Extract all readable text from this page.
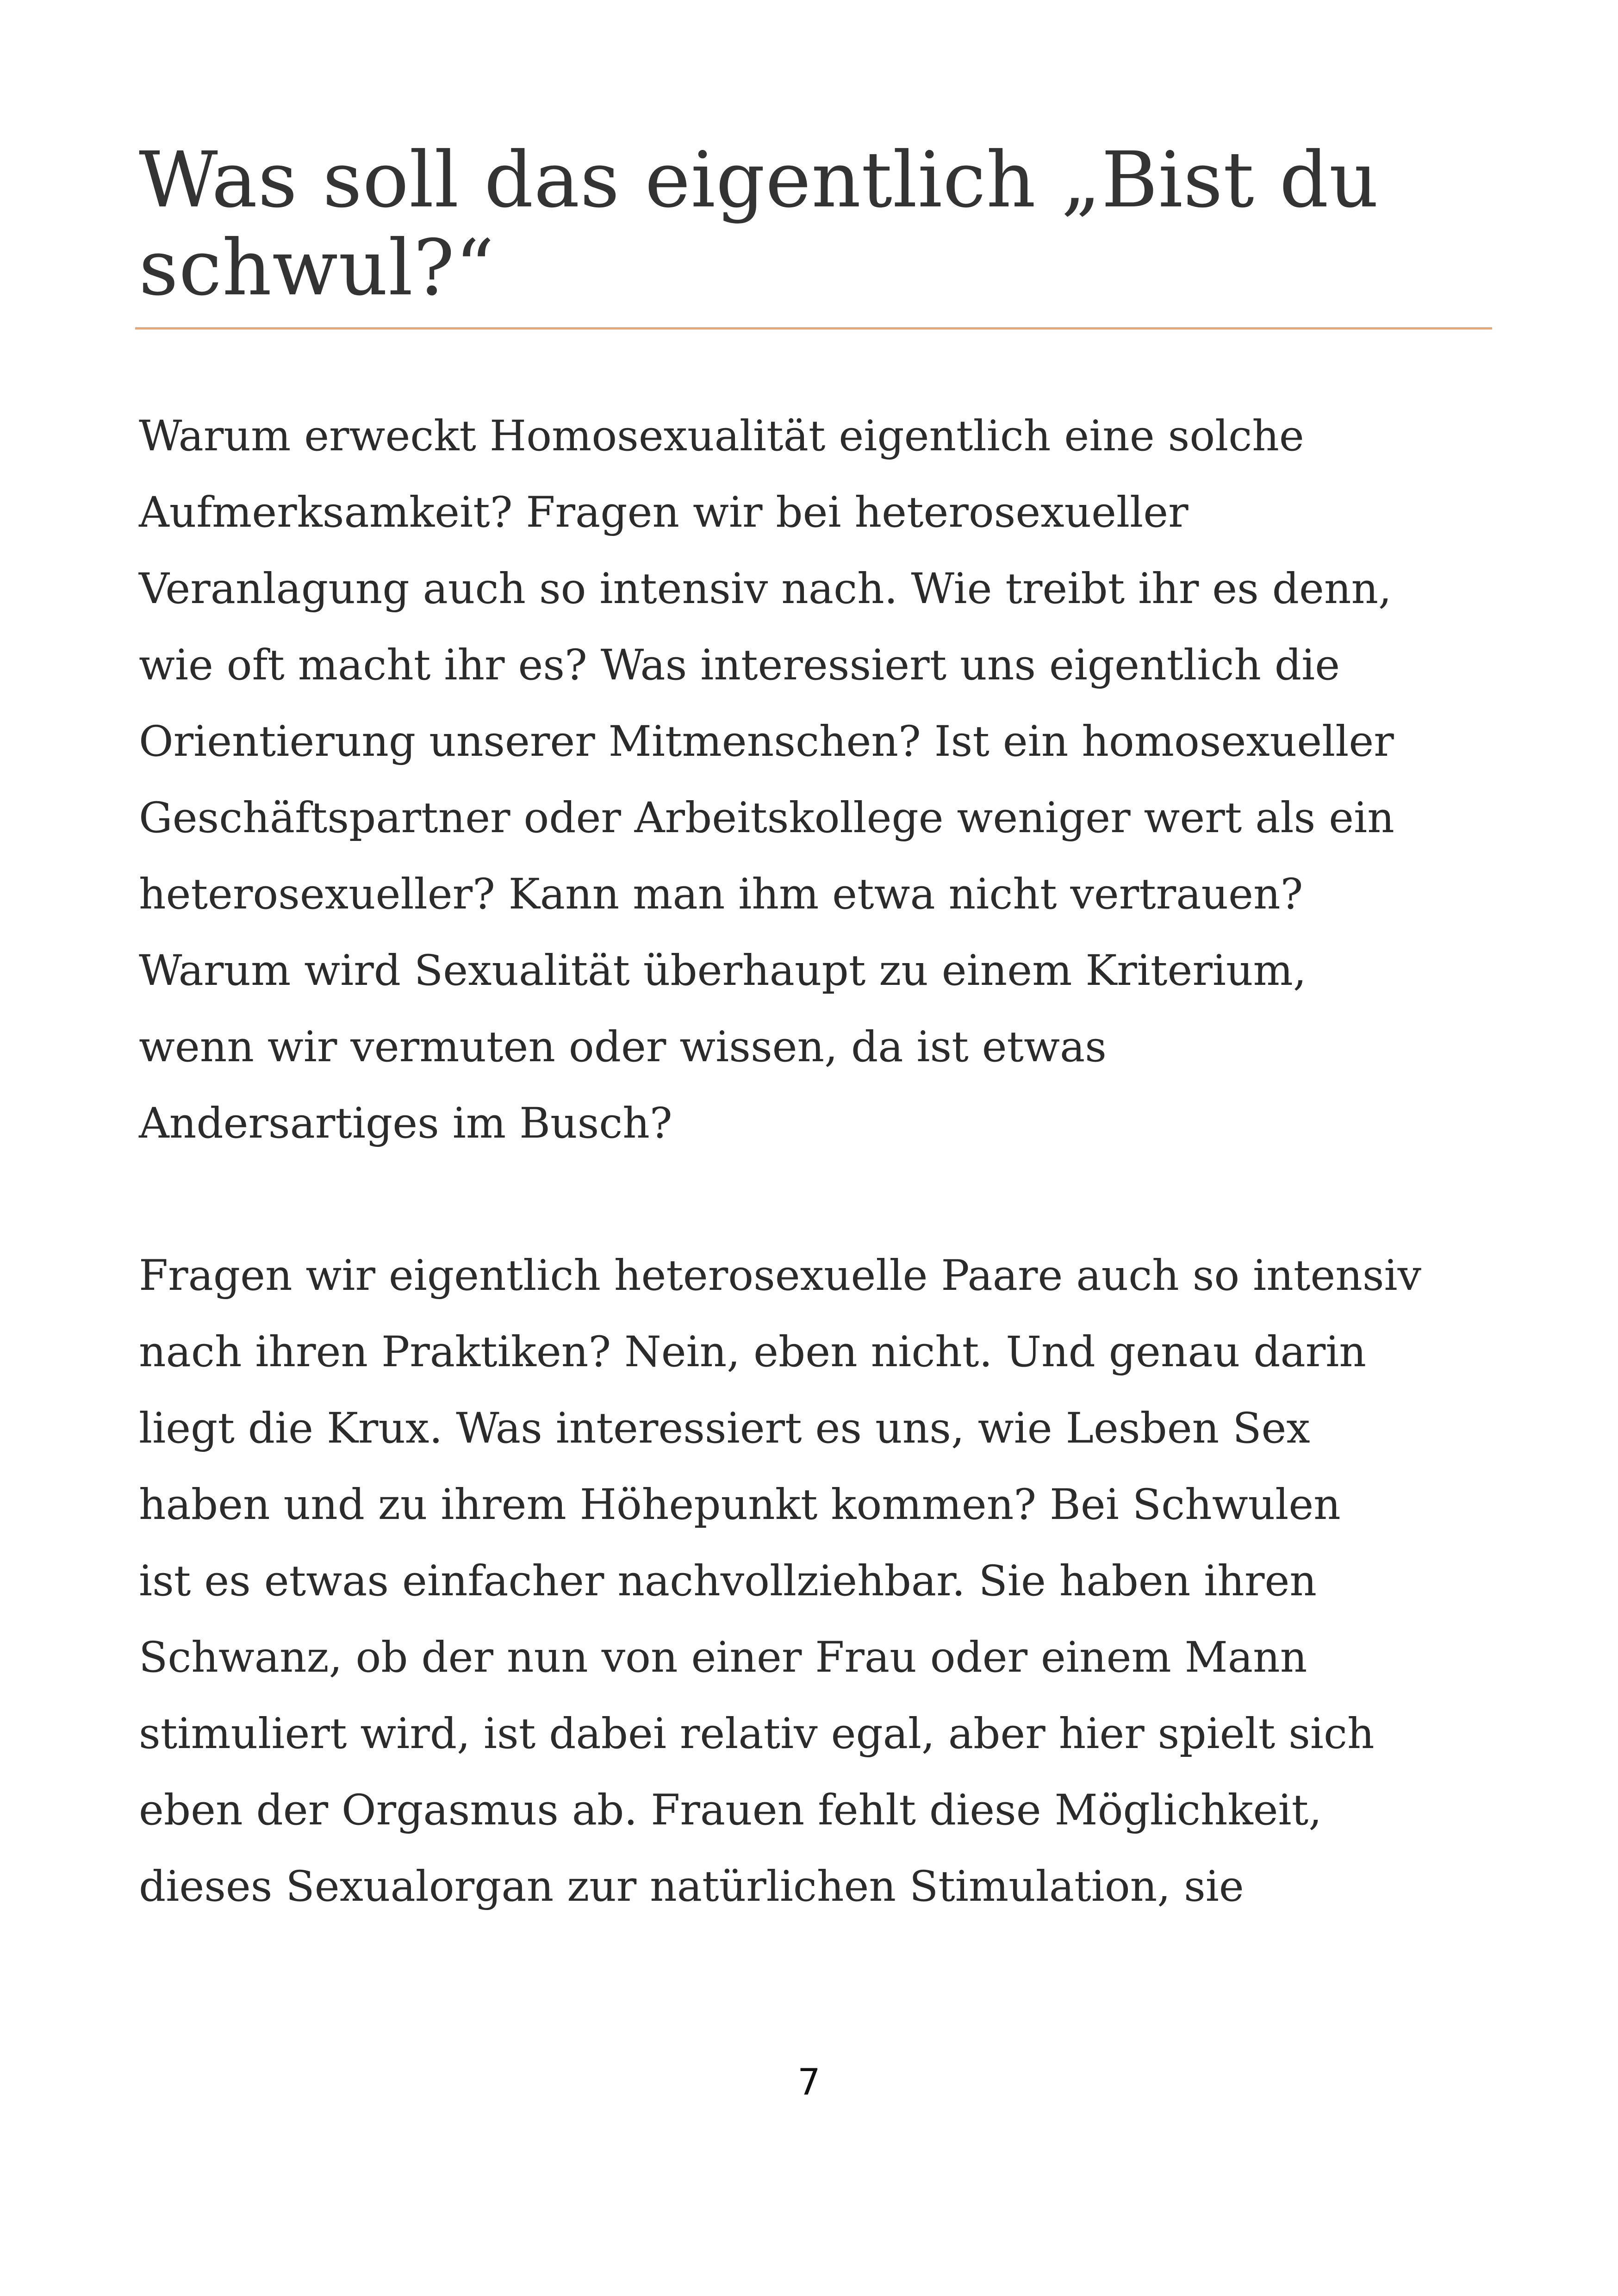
Was soll das eigentlich „Bist du
schwul?“

Warum erweckt Homosexualität eigentlich eine solche
Aufmerksamkeit? Fragen wir bei heterosexueller
Veranlagung auch so intensiv nach. Wie treibt ihr es denn,
wie oft macht ihr es? Was interessiert uns eigentlich die
Orientierung unserer Mitmenschen? Ist ein homosexueller
Geschäftspartner oder Arbeitskollege weniger wert als ein
heterosexueller? Kann man ihm etwa nicht vertrauen?
Warum wird Sexualität überhaupt zu einem Kriterium,
wenn wir vermuten oder wissen, da ist etwas
Andersartiges im Busch?

Fragen wir eigentlich heterosexuelle Paare auch so intensiv
nach ihren Praktiken? Nein, eben nicht. Und genau darin
liegt die Krux. Was interessiert es uns, wie Lesben Sex
haben und zu ihrem Höhepunkt kommen? Bei Schwulen
ist es etwas einfacher nachvollziehbar. Sie haben ihren
Schwanz, ob der nun von einer Frau oder einem Mann
stimuliert wird, ist dabei relativ egal, aber hier spielt sich
eben der Orgasmus ab. Frauen fehlt diese Möglichkeit,
dieses Sexualorgan zur natürlichen Stimulation, sie

7
